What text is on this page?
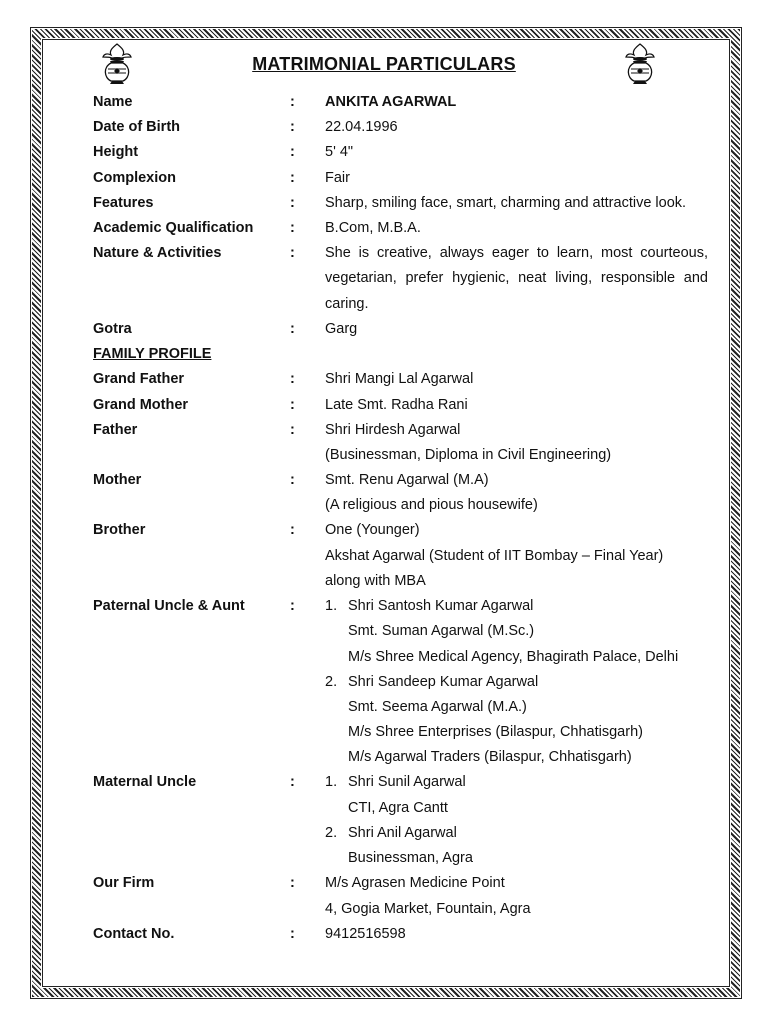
MATRIMONIAL PARTICULARS
Name	: ANKITA AGARWAL
Date of Birth	: 22.04.1996
Height	: 5' 4"
Complexion	: Fair
Features	: Sharp, smiling face, smart, charming and attractive look.
Academic Qualification	: B.Com, M.B.A.
Nature & Activities	: She is creative, always eager to learn, most courteous,
vegetarian, prefer hygienic, neat living, responsible and
caring.
Gotra	: Garg
FAMILY PROFILE
Grand Father	: Shri Mangi Lal Agarwal
Grand Mother	: Late Smt. Radha Rani
Father	: Shri Hirdesh Agarwal
(Businessman, Diploma in Civil Engineering)
Mother	: Smt. Renu Agarwal (M.A)
(A religious and pious housewife)
Brother	: One (Younger)
Akshat Agarwal (Student of IIT Bombay – Final Year)
along with MBA
Paternal Uncle & Aunt	: 1. Shri Santosh Kumar Agarwal
Smt. Suman Agarwal (M.Sc.)
M/s Shree Medical Agency, Bhagirath Palace, Delhi
2. Shri Sandeep Kumar Agarwal
Smt. Seema Agarwal (M.A.)
M/s Shree Enterprises (Bilaspur, Chhatisgarh)
M/s Agarwal Traders (Bilaspur, Chhatisgarh)
Maternal Uncle	: 1. Shri Sunil Agarwal
CTI, Agra Cantt
2. Shri Anil Agarwal
Businessman, Agra
Our Firm	: M/s Agrasen Medicine Point
4, Gogia Market, Fountain, Agra
Contact No.	: 9412516598
